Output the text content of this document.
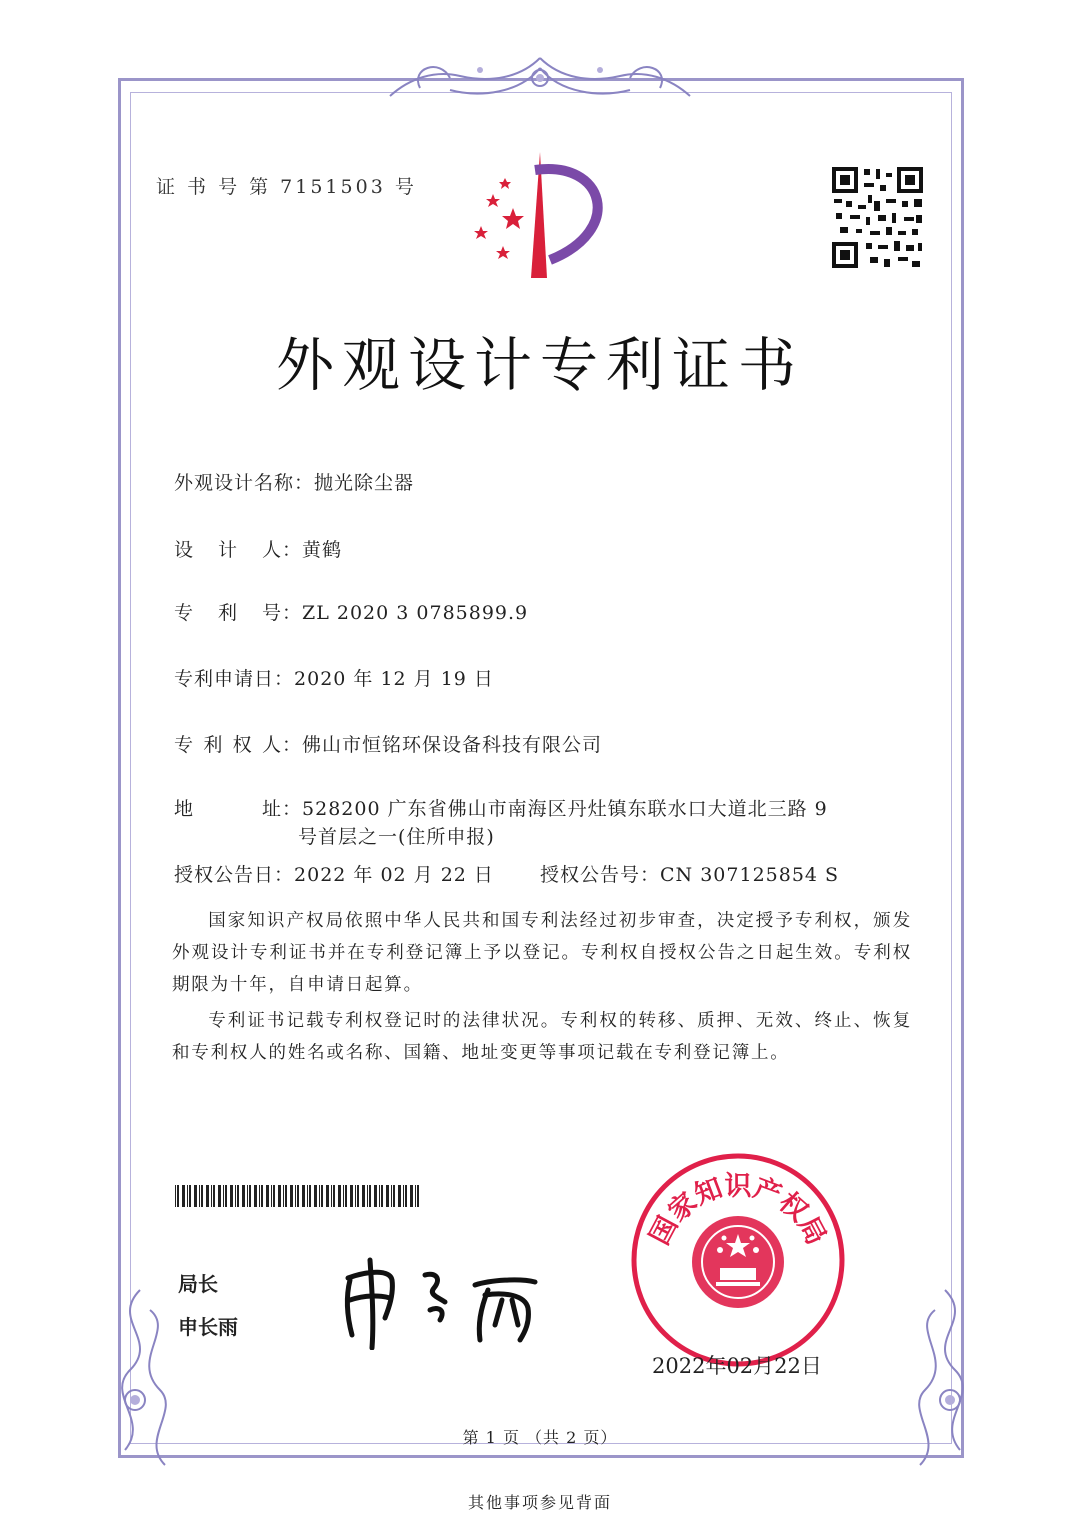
证 书 号 第 7151503 号
外观设计专利证书
外观设计名称：抛光除尘器
设 计 人 ：黄鹤
专 利 号 ：ZL 2020 3 0785899.9
专利申请日：2020 年 12 月 19 日
专 利 权 人 ：佛山市恒铭环保设备科技有限公司
地	址 ：528200 广东省佛山市南海区丹灶镇东联水口大道北三路 9
号首层之一(住所申报)
授权公告日：2022 年 02 月 22 日 授权公告号：CN 307125854 S
国家知识产权局依照中华人民共和国专利法经过初步审查，决定授予专利权，颁发外观设计专利证书并在专利登记簿上予以登记。专利权自授权公告之日起生效。专利权期限为十年，自申请日起算。
专利证书记载专利权登记时的法律状况。专利权的转移、质押、无效、终止、恢复和专利权人的姓名或名称、国籍、地址变更等事项记载在专利登记簿上。
局长
申长雨
国家知识产权局
2022年02月22日
第 1 页 （共 2 页）
其他事项参见背面
